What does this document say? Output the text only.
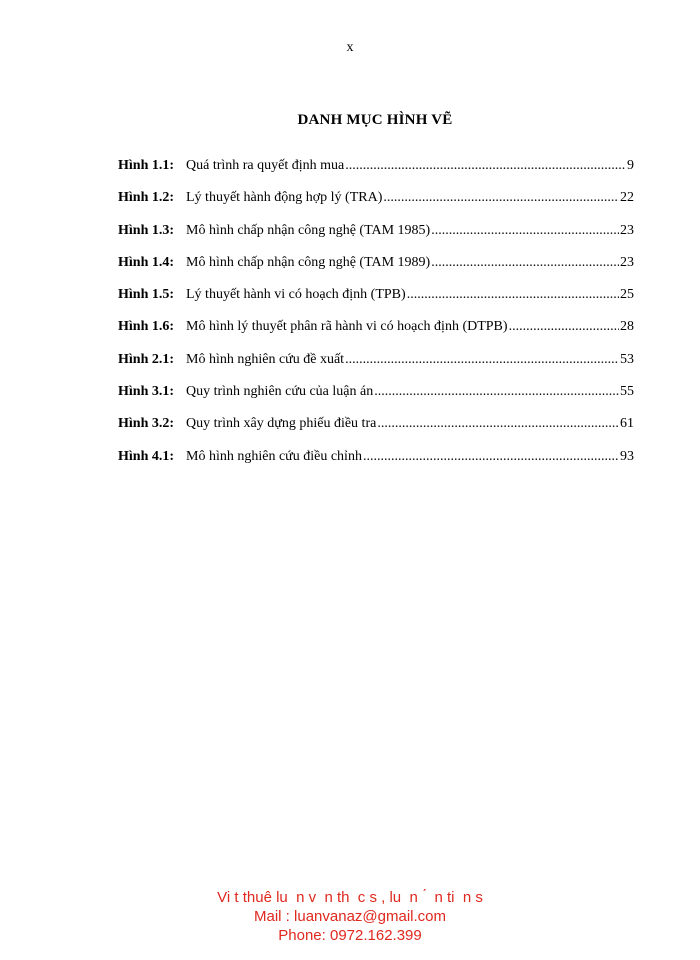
x
DANH MỤC HÌNH VẼ
Hình 1.1: Quá trình ra quyết định mua .....	9
Hình 1.2: Lý thuyết hành động hợp lý (TRA) .....	22
Hình 1.3: Mô hình chấp nhận công nghệ (TAM 1985) .....	23
Hình 1.4: Mô hình chấp nhận công nghệ (TAM 1989) .....	23
Hình 1.5: Lý thuyết hành vi có hoạch định (TPB) .....	25
Hình 1.6: Mô hình lý thuyết phân rã hành vi có hoạch định (DTPB) .....	28
Hình 2.1: Mô hình nghiên cứu đề xuất .....	53
Hình 3.1: Quy trình nghiên cứu của luận án .....	55
Hình 3.2: Quy trình xây dựng phiếu điều tra .....	61
Hình 4.1: Mô hình nghiên cứu điều chỉnh .....	93
Vi t thuê lu  n v  n th  c s , lu  n  ́  n ti  n s
Mail : luanvanaz@gmail.com
Phone: 0972.162.399
